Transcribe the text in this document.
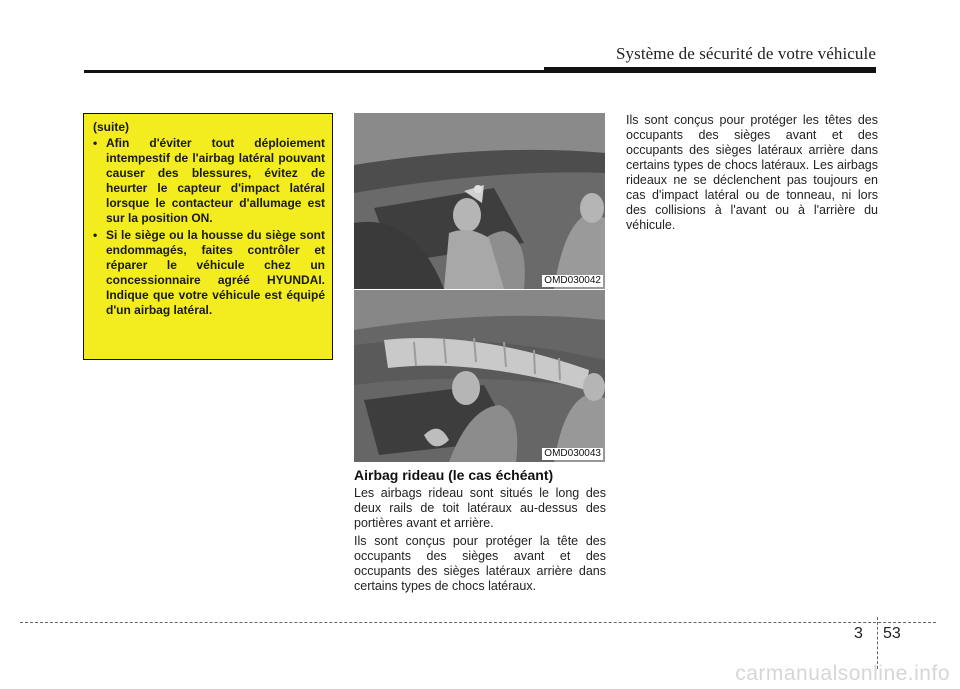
Système de sécurité de votre véhicule
(suite)
• Afin d'éviter tout déploiement intempestif de l'airbag latéral pouvant causer des blessures, évitez de heurter le capteur d'impact latéral lorsque le contacteur d'allumage est sur la position ON.
• Si le siège ou la housse du siège sont endommagés, faites contrôler et réparer le véhicule chez un concessionnaire agréé HYUNDAI. Indique que votre véhicule est équipé d'un airbag latéral.
OMD030042
OMD030043
Airbag rideau (le cas échéant)
Les airbags rideau sont situés le long des deux rails de toit latéraux au-dessus des portières avant et arrière.
Ils sont conçus pour protéger la tête des occupants des sièges avant et des occupants des sièges latéraux arrière dans certains types de chocs latéraux.
Ils sont conçus pour protéger les têtes des occupants des sièges avant et des occupants des sièges latéraux arrière dans certains types de chocs latéraux. Les airbags rideaux ne se déclenchent pas toujours en cas d'impact latéral ou de tonneau, ni lors des collisions à l'avant ou à l'arrière du véhicule.
3 53
carmanualsonline.info
